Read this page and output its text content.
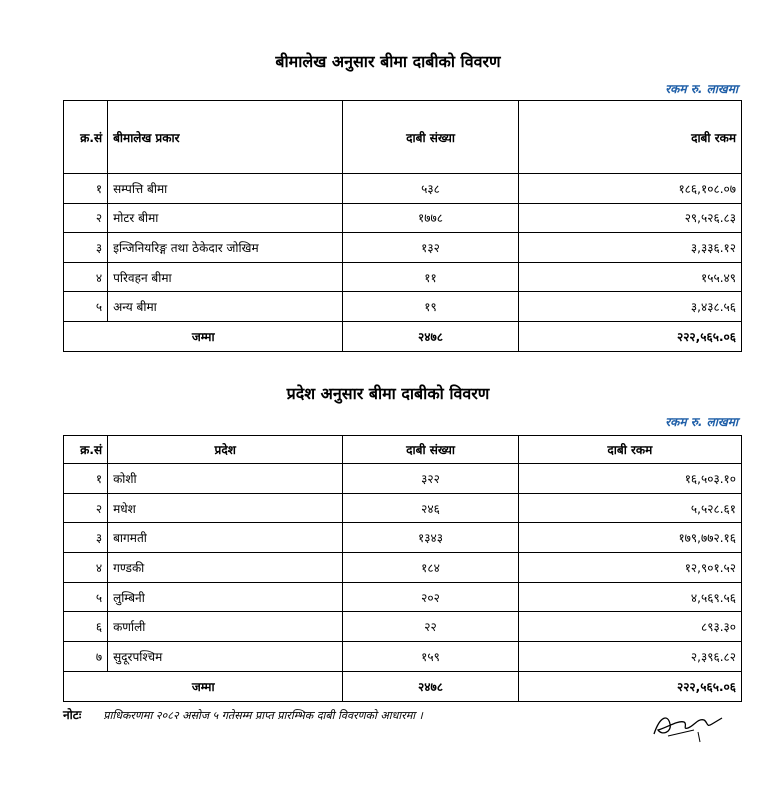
बीमालेख अनुसार बीमा दाबीको विवरण
रकम रु. लाखमा
क्र.सं	बीमालेख प्रकार	दाबी संख्या	दाबी रकम
१	सम्पत्ति बीमा	५३८	१८६,१०८.०७
२	मोटर बीमा	१७७८	२९,५२६.८३
३	इन्जिनियरिङ्ग तथा ठेकेदार जोखिम	१३२	३,३३६.१२
४	परिवहन बीमा	११	१५५.४९
५	अन्य बीमा	१९	३,४३८.५६
जम्मा		२४७८	२२२,५६५.०६
प्रदेश अनुसार बीमा दाबीको विवरण
रकम रु. लाखमा
क्र.सं	प्रदेश	दाबी संख्या	दाबी रकम
१	कोशी	३२२	१६,५०३.१०
२	मधेश	२४६	५,५२८.६१
३	बागमती	१३४३	१७९,७७२.१६
४	गण्डकी	१८४	१२,९०१.५२
५	लुम्बिनी	२०२	४,५६९.५६
६	कर्णाली	२२	८९३.३०
७	सुदूरपश्चिम	१५९	२,३९६.८२
जम्मा		२४७८	२२२,५६५.०६
नोटः प्राधिकरणमा २०८२ असोज ५ गतेसम्म प्राप्त प्रारम्भिक दाबी विवरणको आधारमा ।
